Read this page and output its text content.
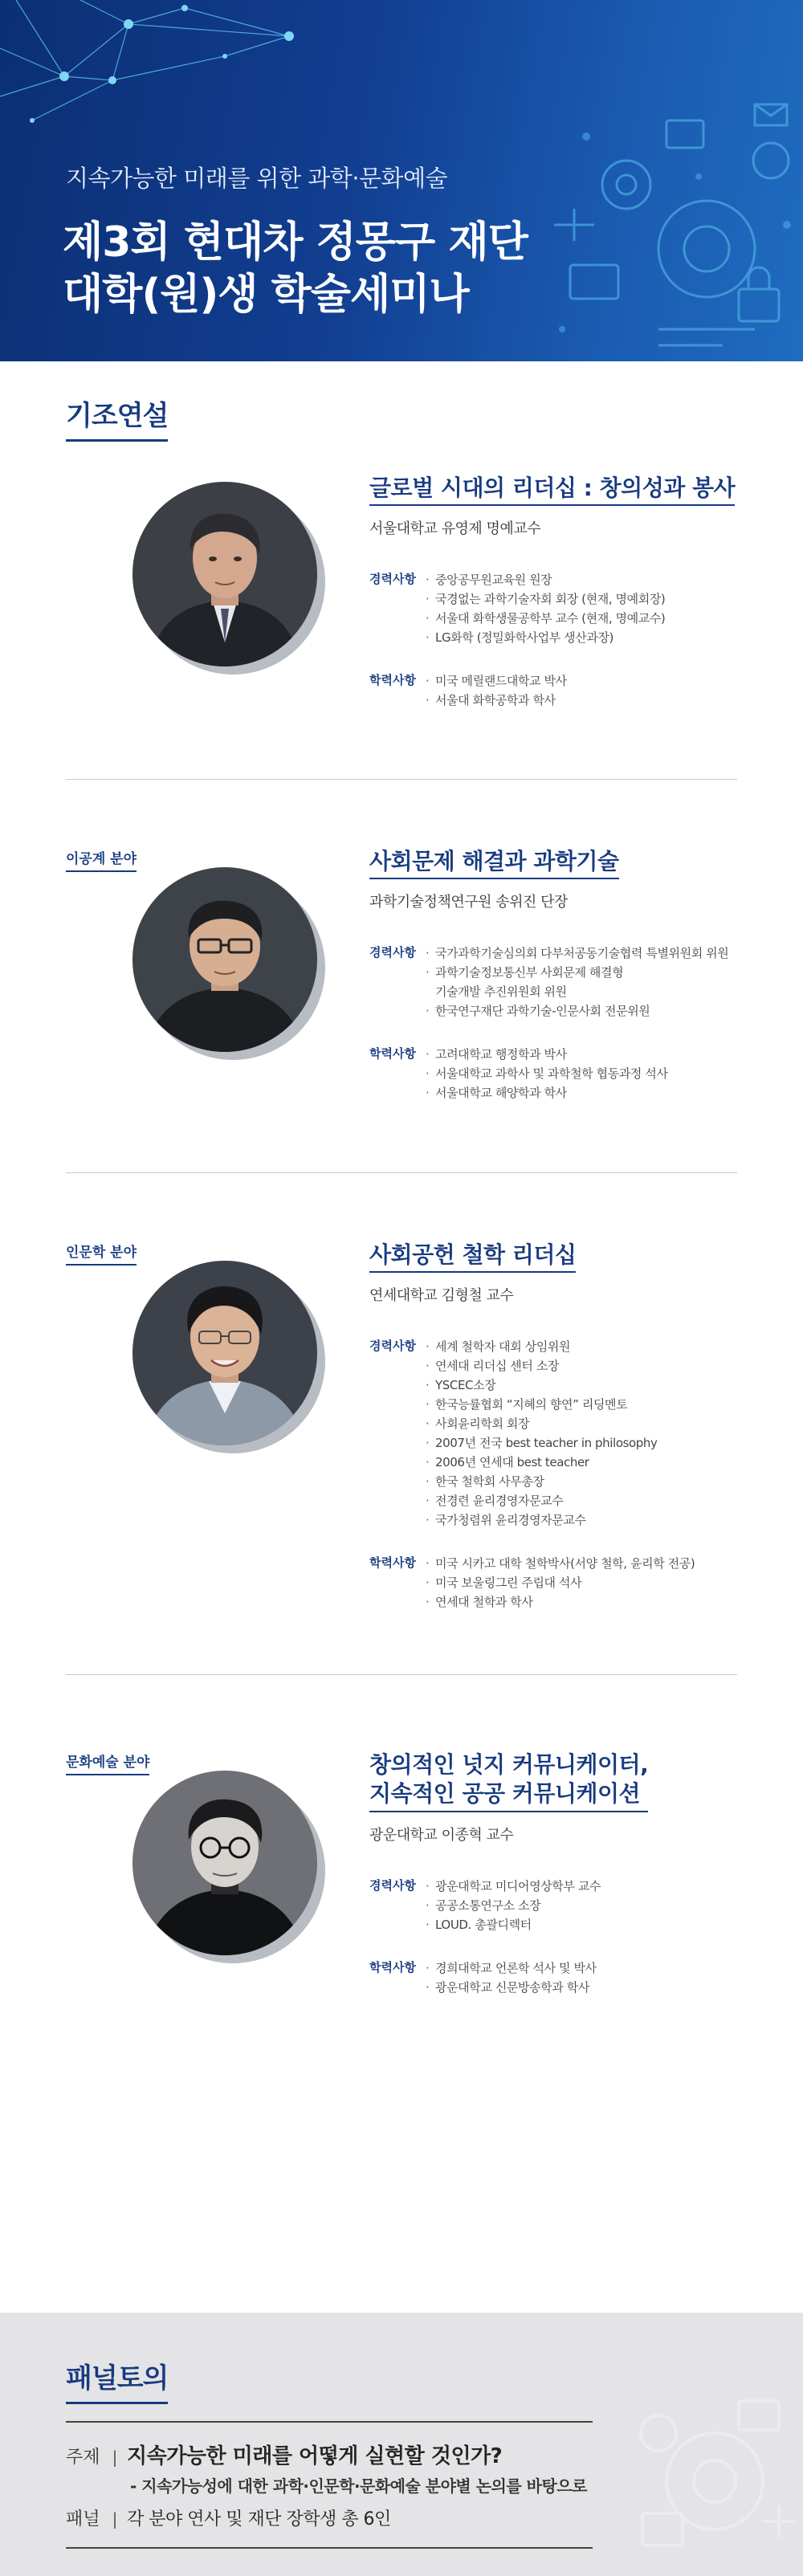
지속가능한 미래를 위한 과학·문화예술
제3회 현대차 정몽구 재단
대학(원)생 학술세미나
기조연설
글로벌 시대의 리더십 : 창의성과 봉사
서울대학교 유영제 명예교수
경력사항	· 중앙공무원교육원 원장
· 국경없는 과학기술자회 회장 (현재, 명예회장)
· 서울대 화학생물공학부 교수 (현재, 명예교수)
· LG화학 (정밀화학사업부 생산과장)
학력사항	· 미국 메릴랜드대학교 박사
· 서울대 화학공학과 학사
이공계 분야	사회문제 해결과 과학기술
과학기술정책연구원 송위진 단장
경력사항	· 국가과학기술심의회 다부처공동기술협력 특별위원회 위원
· 과학기술정보통신부 사회문제 해결형
기술개발 추진위원회 위원
· 한국연구재단 과학기술-인문사회 전문위원
학력사항	· 고려대학교 행정학과 박사
· 서울대학교 과학사 및 과학철학 협동과정 석사
· 서울대학교 해양학과 학사
인문학 분야	사회공헌 철학 리더십
연세대학교 김형철 교수
경력사항	· 세계 철학자 대회 상임위원
· 연세대 리더십 센터 소장
· YSCEC소장
· 한국능률협회 “지혜의 향연” 리딩멘토
· 사회윤리학회 회장
· 2007년 전국 best teacher in philosophy
· 2006년 연세대 best teacher
· 한국 철학회 사무총장
· 전경련 윤리경영자문교수
· 국가청렴위 윤리경영자문교수
학력사항	· 미국 시카고 대학 철학박사(서양 철학, 윤리학 전공)
· 미국 보울링그린 주립대 석사
· 연세대 철학과 학사
문화예술 분야	창의적인 넛지 커뮤니케이터,
지속적인 공공 커뮤니케이션
광운대학교 이종혁 교수
경력사항	· 광운대학교 미디어영상학부 교수
· 공공소통연구소 소장
· LOUD. 총괄디렉터
학력사항	· 경희대학교 언론학 석사 및 박사
· 광운대학교 신문방송학과 학사
패널토의
주제 | 지속가능한 미래를 어떻게 실현할 것인가?
- 지속가능성에 대한 과학·인문학·문화예술 분야별 논의를 바탕으로
패널 | 각 분야 연사 및 재단 장학생 총 6인
